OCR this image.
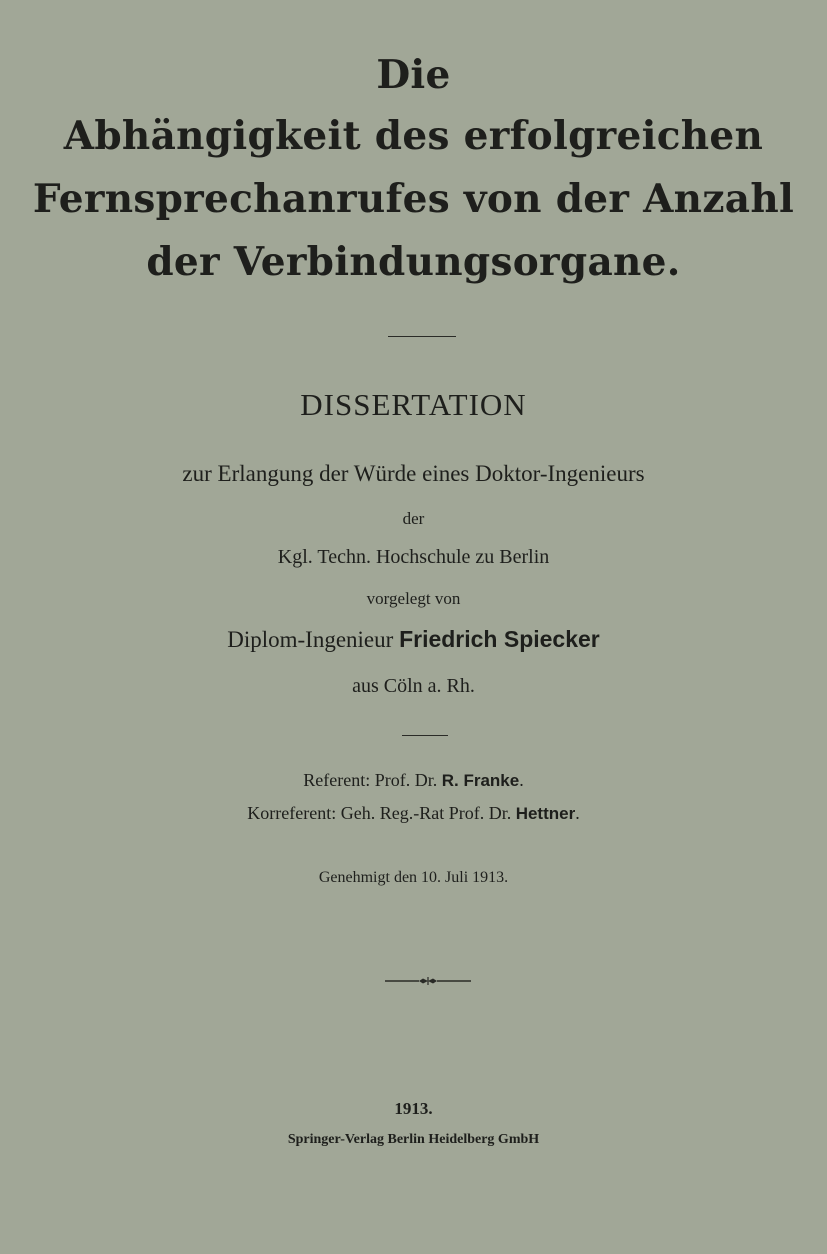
Die
Abhängigkeit des erfolgreichen
Fernsprechanrufes von der Anzahl
der Verbindungsorgane.
DISSERTATION
zur Erlangung der Würde eines Doktor-Ingenieurs
der
Kgl. Techn. Hochschule zu Berlin
vorgelegt von
Diplom-Ingenieur Friedrich Spiecker
aus Cöln a. Rh.
Referent: Prof. Dr. R. Franke.
Korreferent: Geh. Reg.-Rat Prof. Dr. Hettner.
Genehmigt den 10. Juli 1913.
1913.
Springer-Verlag Berlin Heidelberg GmbH
